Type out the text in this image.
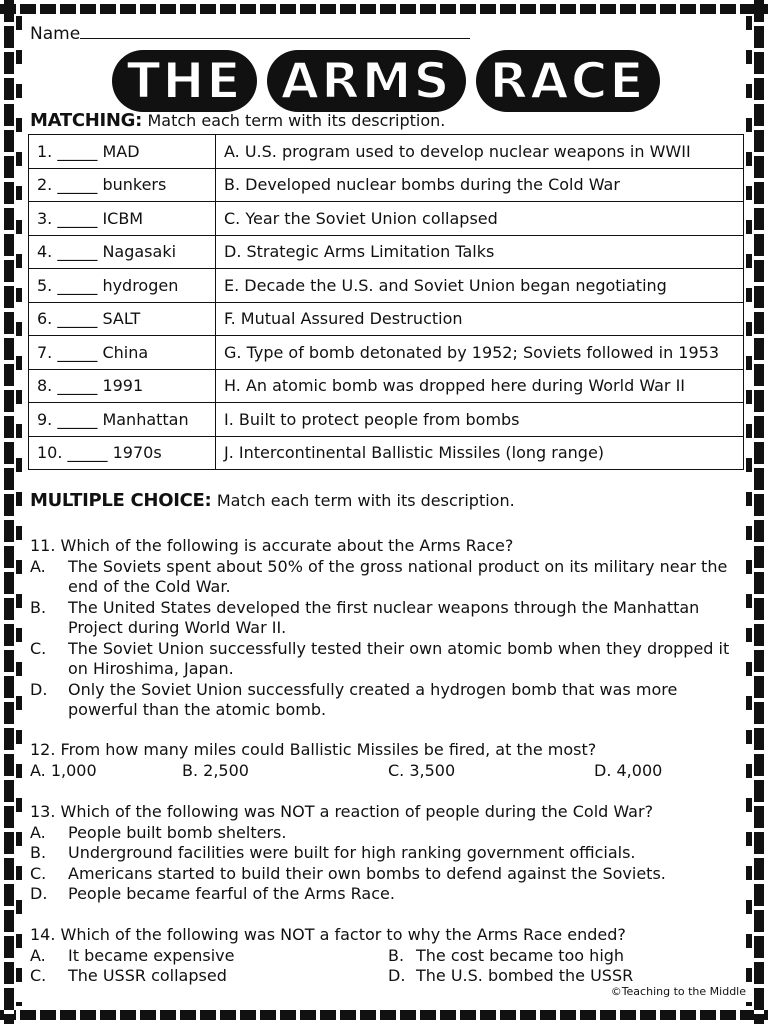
Name
THE ARMS RACE
MATCHING: Match each term with its description.
1. _____ MAD	A. U.S. program used to develop nuclear weapons in WWII
2. _____ bunkers	B. Developed nuclear bombs during the Cold War
3. _____ ICBM	C. Year the Soviet Union collapsed
4. _____ Nagasaki	D. Strategic Arms Limitation Talks
5. _____ hydrogen	E. Decade the U.S. and Soviet Union began negotiating
6. _____ SALT	F. Mutual Assured Destruction
7. _____ China	G. Type of bomb detonated by 1952; Soviets followed in 1953
8. _____ 1991	H. An atomic bomb was dropped here during World War II
9. _____ Manhattan	I. Built to protect people from bombs
10. _____ 1970s	J. Intercontinental Ballistic Missiles (long range)
MULTIPLE CHOICE: Match each term with its description.
11. Which of the following is accurate about the Arms Race?
A.	The Soviets spent about 50% of the gross national product on its military near the end of the Cold War.
B.	The United States developed the first nuclear weapons through the Manhattan Project during World War II.
C.	The Soviet Union successfully tested their own atomic bomb when they dropped it on Hiroshima, Japan.
D.	Only the Soviet Union successfully created a hydrogen bomb that was more powerful than the atomic bomb.
12. From how many miles could Ballistic Missiles be fired, at the most?
A. 1,000	B. 2,500	C. 3,500	D. 4,000
13. Which of the following was NOT a reaction of people during the Cold War?
A.	People built bomb shelters.
B.	Underground facilities were built for high ranking government officials.
C.	Americans started to build their own bombs to defend against the Soviets.
D.	People became fearful of the Arms Race.
14. Which of the following was NOT a factor to why the Arms Race ended?
A.	It became expensive	B. The cost became too high
C.	The USSR collapsed	D. The U.S. bombed the USSR
©Teaching to the Middle
